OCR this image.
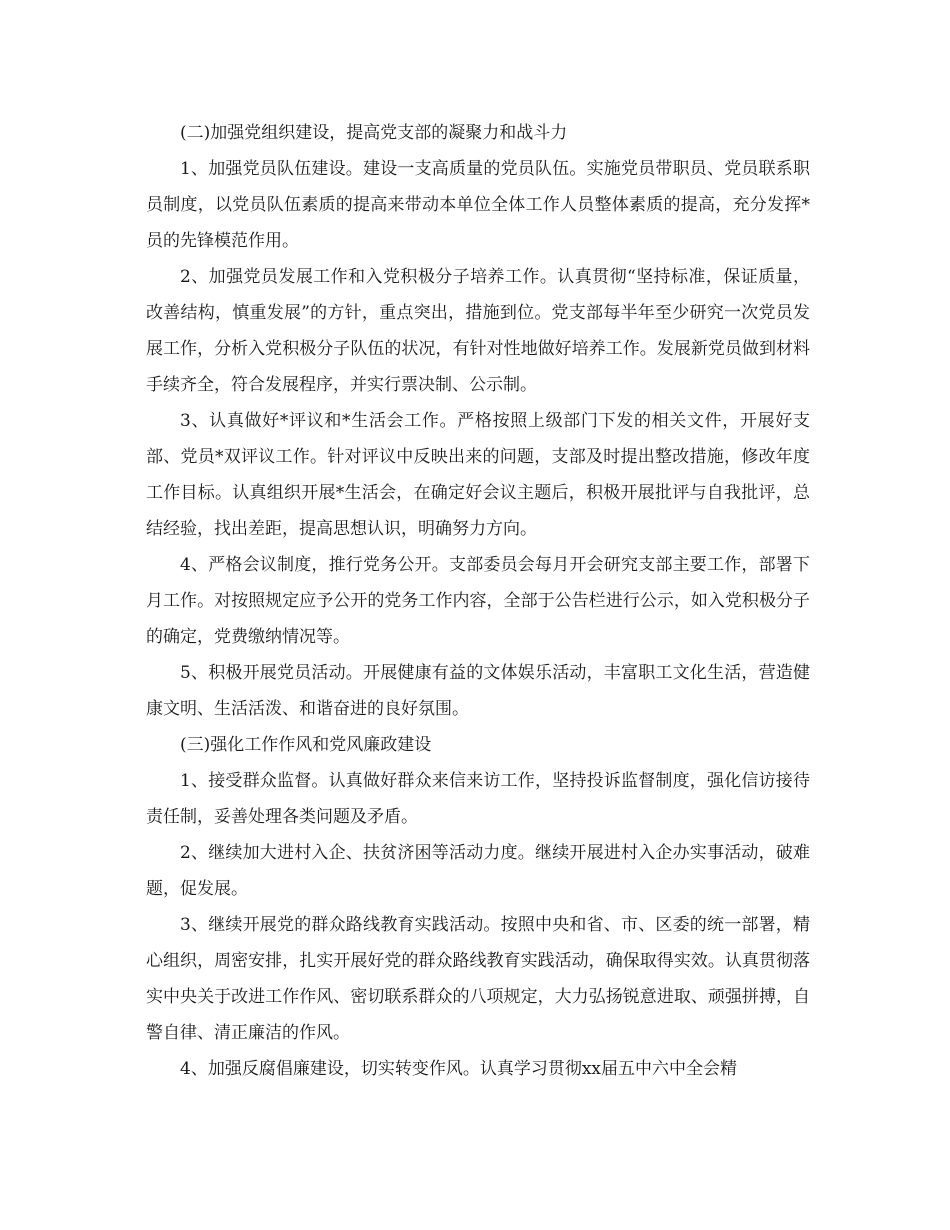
(二)加强党组织建设，提高党支部的凝聚力和战斗力

1、加强党员队伍建设。建设一支高质量的党员队伍。实施党员带职员、党员联系职员制度，以党员队伍素质的提高来带动本单位全体工作人员整体素质的提高，充分发挥*员的先锋模范作用。

2、加强党员发展工作和入党积极分子培养工作。认真贯彻“坚持标准，保证质量，改善结构，慎重发展”的方针，重点突出，措施到位。党支部每半年至少研究一次党员发展工作，分析入党积极分子队伍的状况，有针对性地做好培养工作。发展新党员做到材料手续齐全，符合发展程序，并实行票决制、公示制。

3、认真做好*评议和*生活会工作。严格按照上级部门下发的相关文件，开展好支部、党员*双评议工作。针对评议中反映出来的问题，支部及时提出整改措施，修改年度工作目标。认真组织开展*生活会，在确定好会议主题后，积极开展批评与自我批评，总结经验，找出差距，提高思想认识，明确努力方向。

4、严格会议制度，推行党务公开。支部委员会每月开会研究支部主要工作，部署下月工作。对按照规定应予公开的党务工作内容，全部于公告栏进行公示，如入党积极分子的确定，党费缴纳情况等。

5、积极开展党员活动。开展健康有益的文体娱乐活动，丰富职工文化生活，营造健康文明、生活活泼、和谐奋进的良好氛围。

(三)强化工作作风和党风廉政建设

1、接受群众监督。认真做好群众来信来访工作，坚持投诉监督制度，强化信访接待责任制，妥善处理各类问题及矛盾。

2、继续加大进村入企、扶贫济困等活动力度。继续开展进村入企办实事活动，破难题，促发展。

3、继续开展党的群众路线教育实践活动。按照中央和省、市、区委的统一部署，精心组织，周密安排，扎实开展好党的群众路线教育实践活动，确保取得实效。认真贯彻落实中央关于改进工作作风、密切联系群众的八项规定，大力弘扬锐意进取、顽强拼搏，自警自律、清正廉洁的作风。

4、加强反腐倡廉建设，切实转变作风。认真学习贯彻xx届五中六中全会精
